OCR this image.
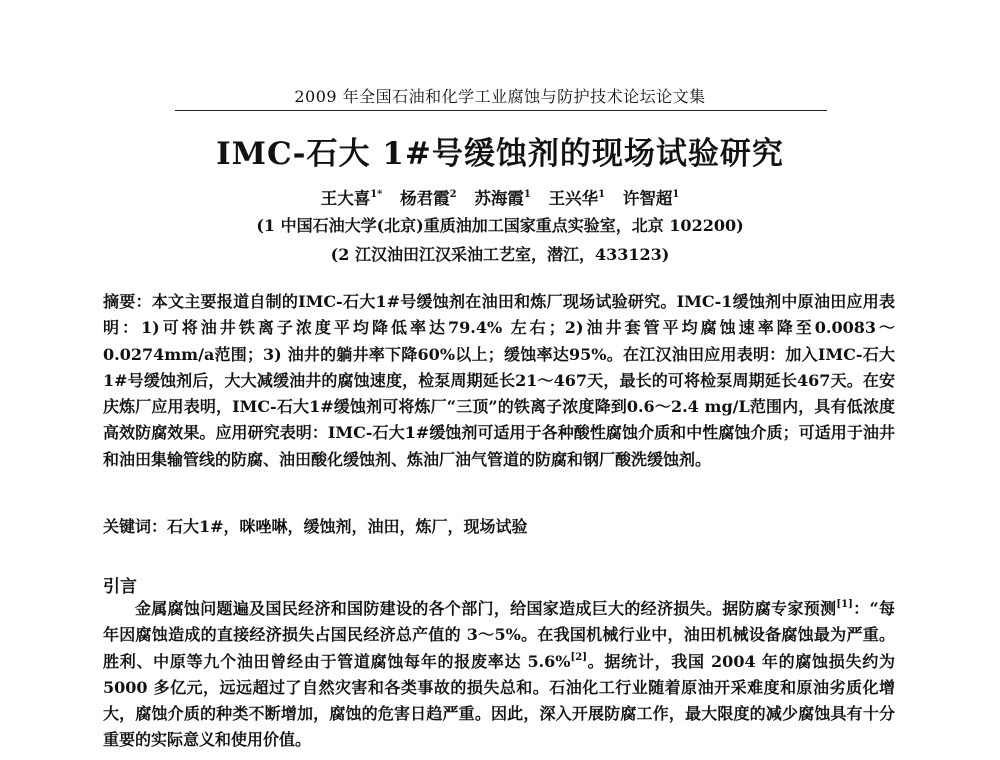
2009 年全国石油和化学工业腐蚀与防护技术论坛论文集
IMC-石大 1#号缓蚀剂的现场试验研究
王大喜$^{1*}$ 杨君霞$^2$ 苏海霞$^1$ 王兴华$^1$ 许智超$^1$
(1 中国石油大学(北京)重质油加工国家重点实验室，北京 102200)
(2 江汉油田江汉采油工艺室，潜江，433123)
摘要：本文主要报道自制的IMC-石大1#号缓蚀剂在油田和炼厂现场试验研究。IMC-1缓蚀剂中原油田应用表明：1)可将油井铁离子浓度平均降低率达79.4% 左右；2)油井套管平均腐蚀速率降至0.0083～0.0274mm/a范围；3) 油井的躺井率下降60%以上；缓蚀率达95%。在江汉油田应用表明：加入IMC-石大1#号缓蚀剂后，大大减缓油井的腐蚀速度，检泵周期延长21～467天，最长的可将检泵周期延长467天。在安庆炼厂应用表明，IMC-石大1#缓蚀剂可将炼厂“三顶”的铁离子浓度降到0.6～2.4 mg/L范围内，具有低浓度高效防腐效果。应用研究表明：IMC-石大1#缓蚀剂可适用于各种酸性腐蚀介质和中性腐蚀介质；可适用于油井和油田集输管线的防腐、油田酸化缓蚀剂、炼油厂油气管道的防腐和钢厂酸洗缓蚀剂。
关键词：石大1#，咪唑啉，缓蚀剂，油田，炼厂，现场试验
引言
金属腐蚀问题遍及国民经济和国防建设的各个部门，给国家造成巨大的经济损失。据防腐专家预测[1]：“每年因腐蚀造成的直接经济损失占国民经济总产值的 3～5%。在我国机械行业中，油田机械设备腐蚀最为严重。胜利、中原等九个油田曾经由于管道腐蚀每年的报废率达 5.6%[2]。据统计，我国 2004 年的腐蚀损失约为 5000 多亿元，远远超过了自然灾害和各类事故的损失总和。石油化工行业随着原油开采难度和原油劣质化增大，腐蚀介质的种类不断增加，腐蚀的危害日趋严重。因此，深入开展防腐工作，最大限度的减少腐蚀具有十分重要的实际意义和使用价值。
